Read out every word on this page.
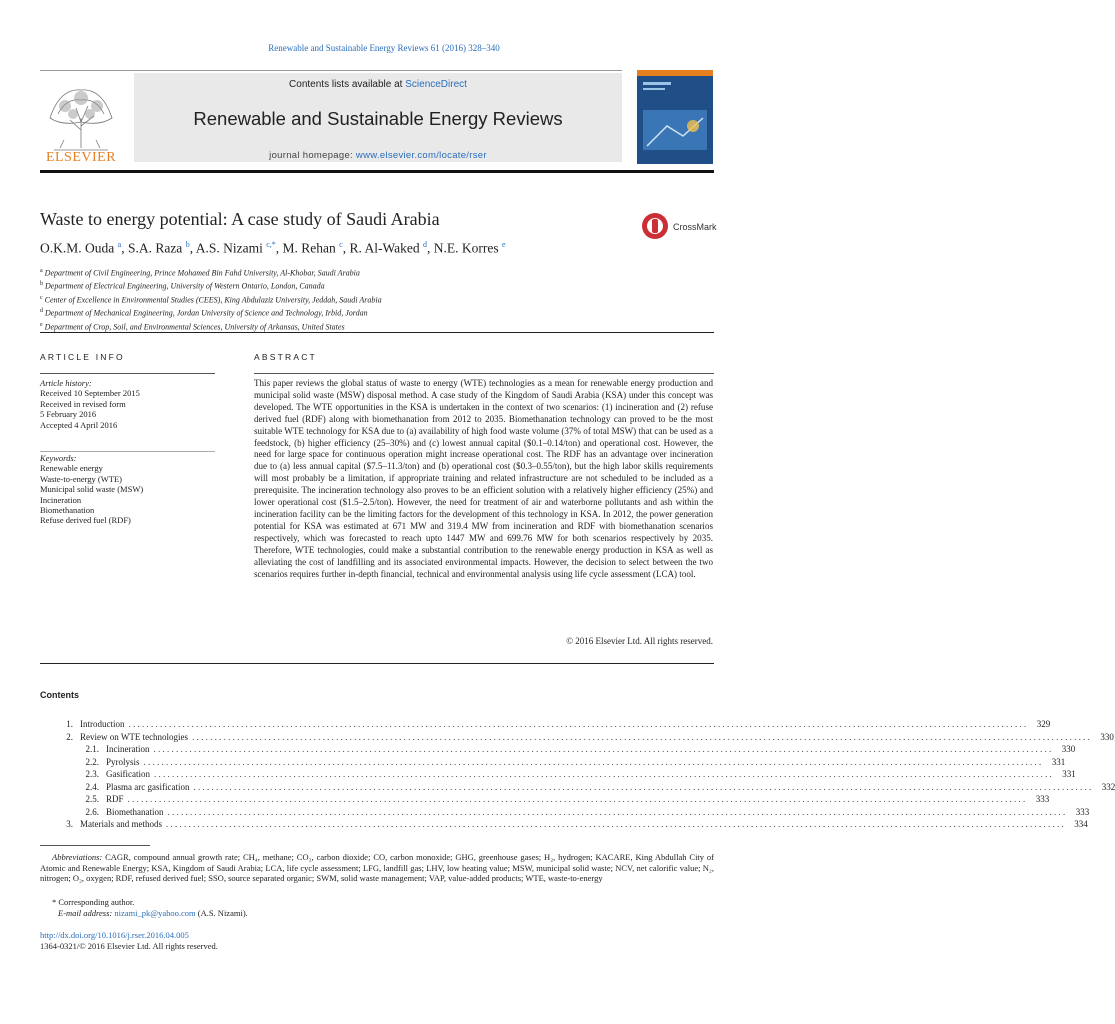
Renewable and Sustainable Energy Reviews 61 (2016) 328–340
ELSEVIER
Contents lists available at ScienceDirect
Renewable and Sustainable Energy Reviews
journal homepage: www.elsevier.com/locate/rser
Waste to energy potential: A case study of Saudi Arabia	CrossMark
O.K.M. Ouda $^a$, S.A. Raza $^b$, A.S. Nizami $^{c,*}$, M. Rehan $^c$, R. Al-Waked $^d$, N.E. Korres $^e$
$^a$ Department of Civil Engineering, Prince Mohamed Bin Fahd University, Al-Khobar, Saudi Arabia
$^b$ Department of Electrical Engineering, University of Western Ontario, London, Canada
$^c$ Center of Excellence in Environmental Studies (CEES), King Abdulaziz University, Jeddah, Saudi Arabia
$^d$ Department of Mechanical Engineering, Jordan University of Science and Technology, Irbid, Jordan
$^e$ Department of Crop, Soil, and Environmental Sciences, University of Arkansas, United States
ARTICLE INFO
Article history:
Received 10 September 2015
Received in revised form
5 February 2016
Accepted 4 April 2016
Keywords:
Renewable energy
Waste-to-energy (WTE)
Municipal solid waste (MSW)
Incineration
Biomethanation
Refuse derived fuel (RDF)
ABSTRACT
This paper reviews the global status of waste to energy (WTE) technologies as a mean for renewable energy production and municipal solid waste (MSW) disposal method. A case study of the Kingdom of Saudi Arabia (KSA) under this concept was developed. The WTE opportunities in the KSA is undertaken in the context of two scenarios: (1) incineration and (2) refuse derived fuel (RDF) along with biomethanation from 2012 to 2035. Biomethanation technology can proved to be the most suitable WTE technology for KSA due to (a) availability of high food waste volume (37% of total MSW) that can be used as a feedstock, (b) higher efficiency (25–30%) and (c) lowest annual capital ($0.1–0.14/ton) and operational cost. However, the need for large space for continuous operation might increase operational cost. The RDF has an advantage over incineration due to (a) less annual capital ($7.5–11.3/ton) and (b) operational cost ($0.3–0.55/ton), but the high labor skills requirements will most probably be a limitation, if appropriate training and related infrastructure are not scheduled to be included as a prerequisite. The incineration technology also proves to be an efficient solution with a relatively higher efficiency (25%) and lower operational cost ($1.5–2.5/ton). However, the need for treatment of air and waterborne pollutants and ash within the incineration facility can be the limiting factors for the development of this technology in KSA. In 2012, the power generation potential for KSA was estimated at 671 MW and 319.4 MW from incineration and RDF with biomethanation scenarios respectively, which was forecasted to reach upto 1447 MW and 699.76 MW for both scenarios respectively by 2035. Therefore, WTE technologies, could make a substantial contribution to the renewable energy production in KSA as well as alleviating the cost of landfilling and its associated environmental impacts. However, the decision to select between the two scenarios requires further in-depth financial, technical and environmental analysis using life cycle assessment (LCA) tool.
© 2016 Elsevier Ltd. All rights reserved.
Contents
1. Introduction . . . . . . . . . . . . . . . . . . . . . . . . . . . . . . . . . . . . . . . . . . . . . . . . . . . . . . . . . . . . . . . . . . . . . . . . . . . . . . . . . . . . . . . . . . . . . . . . . . . . . . . . . . . . . . . . . . . . . . . . . . . . . . . . . . . . . . . . . . . . . . . . . . . . . . . . . . . . . . . . . . . . . . . . . . . . . . . . . . . . . . . . . . . . . . . . . . . . . . . .	329
2. Review on WTE technologies . . . . . . . . . . . . . . . . . . . . . . . . . . . . . . . . . . . . . . . . . . . . . . . . . . . . . . . . . . . . . . . . . . . . . . . . . . . . . . . . . . . . . . . . . . . . . . . . . . . . . . . . . . . . . . . . . . . . . . . . . . . . . . . . . . . . . . . . . . . . . . . . . . . . . . . . . . . . . . . . . . . . . . . . . . . . . . . . . . . . . . . . . . . . . . . . . . . . . . . .	330
2.1. Incineration . . . . . . . . . . . . . . . . . . . . . . . . . . . . . . . . . . . . . . . . . . . . . . . . . . . . . . . . . . . . . . . . . . . . . . . . . . . . . . . . . . . . . . . . . . . . . . . . . . . . . . . . . . . . . . . . . . . . . . . . . . . . . . . . . . . . . . . . . . . . . . . . . . . . . . . . . . . . . . . . . . . . . . . . . . . . . . . . . . . . . . . . . . . . . . . . . . . . . . . .	330
2.2. Pyrolysis . . . . . . . . . . . . . . . . . . . . . . . . . . . . . . . . . . . . . . . . . . . . . . . . . . . . . . . . . . . . . . . . . . . . . . . . . . . . . . . . . . . . . . . . . . . . . . . . . . . . . . . . . . . . . . . . . . . . . . . . . . . . . . . . . . . . . . . . . . . . . . . . . . . . . . . . . . . . . . . . . . . . . . . . . . . . . . . . . . . . . . . . . . . . . . . . . . . . . . . .	331
2.3. Gasification . . . . . . . . . . . . . . . . . . . . . . . . . . . . . . . . . . . . . . . . . . . . . . . . . . . . . . . . . . . . . . . . . . . . . . . . . . . . . . . . . . . . . . . . . . . . . . . . . . . . . . . . . . . . . . . . . . . . . . . . . . . . . . . . . . . . . . . . . . . . . . . . . . . . . . . . . . . . . . . . . . . . . . . . . . . . . . . . . . . . . . . . . . . . . . . . . . . . . . . .	331
2.4. Plasma arc gasification . . . . . . . . . . . . . . . . . . . . . . . . . . . . . . . . . . . . . . . . . . . . . . . . . . . . . . . . . . . . . . . . . . . . . . . . . . . . . . . . . . . . . . . . . . . . . . . . . . . . . . . . . . . . . . . . . . . . . . . . . . . . . . . . . . . . . . . . . . . . . . . . . . . . . . . . . . . . . . . . . . . . . . . . . . . . . . . . . . . . . . . . . . . . . . . . . . . . . . . .	332
2.5. RDF . . . . . . . . . . . . . . . . . . . . . . . . . . . . . . . . . . . . . . . . . . . . . . . . . . . . . . . . . . . . . . . . . . . . . . . . . . . . . . . . . . . . . . . . . . . . . . . . . . . . . . . . . . . . . . . . . . . . . . . . . . . . . . . . . . . . . . . . . . . . . . . . . . . . . . . . . . . . . . . . . . . . . . . . . . . . . . . . . . . . . . . . . . . . . . . . . . . . . . . .	333
2.6. Biomethanation . . . . . . . . . . . . . . . . . . . . . . . . . . . . . . . . . . . . . . . . . . . . . . . . . . . . . . . . . . . . . . . . . . . . . . . . . . . . . . . . . . . . . . . . . . . . . . . . . . . . . . . . . . . . . . . . . . . . . . . . . . . . . . . . . . . . . . . . . . . . . . . . . . . . . . . . . . . . . . . . . . . . . . . . . . . . . . . . . . . . . . . . . . . . . . . . . . . . . . . .	333
3. Materials and methods . . . . . . . . . . . . . . . . . . . . . . . . . . . . . . . . . . . . . . . . . . . . . . . . . . . . . . . . . . . . . . . . . . . . . . . . . . . . . . . . . . . . . . . . . . . . . . . . . . . . . . . . . . . . . . . . . . . . . . . . . . . . . . . . . . . . . . . . . . . . . . . . . . . . . . . . . . . . . . . . . . . . . . . . . . . . . . . . . . . . . . . . . . . . . . . . . . . . . . . .	334
Abbreviations: CAGR, compound annual growth rate; CH₄, methane; CO₂, carbon dioxide; CO, carbon monoxide; GHG, greenhouse gases; H₂, hydrogen; KACARE, King Abdullah City of Atomic and Renewable Energy; KSA, Kingdom of Saudi Arabia; LCA, life cycle assessment; LFG, landfill gas; LHV, low heating value; MSW, municipal solid waste; NCV, net calorific value; N₂, nitrogen; O₂, oxygen; RDF, refused derived fuel; SSO, source separated organic; SWM, solid waste management; VAP, value-added products; WTE, waste-to-energy
* Corresponding author.
E-mail address: nizami_pk@yahoo.com (A.S. Nizami).
http://dx.doi.org/10.1016/j.rser.2016.04.005
1364-0321/© 2016 Elsevier Ltd. All rights reserved.
